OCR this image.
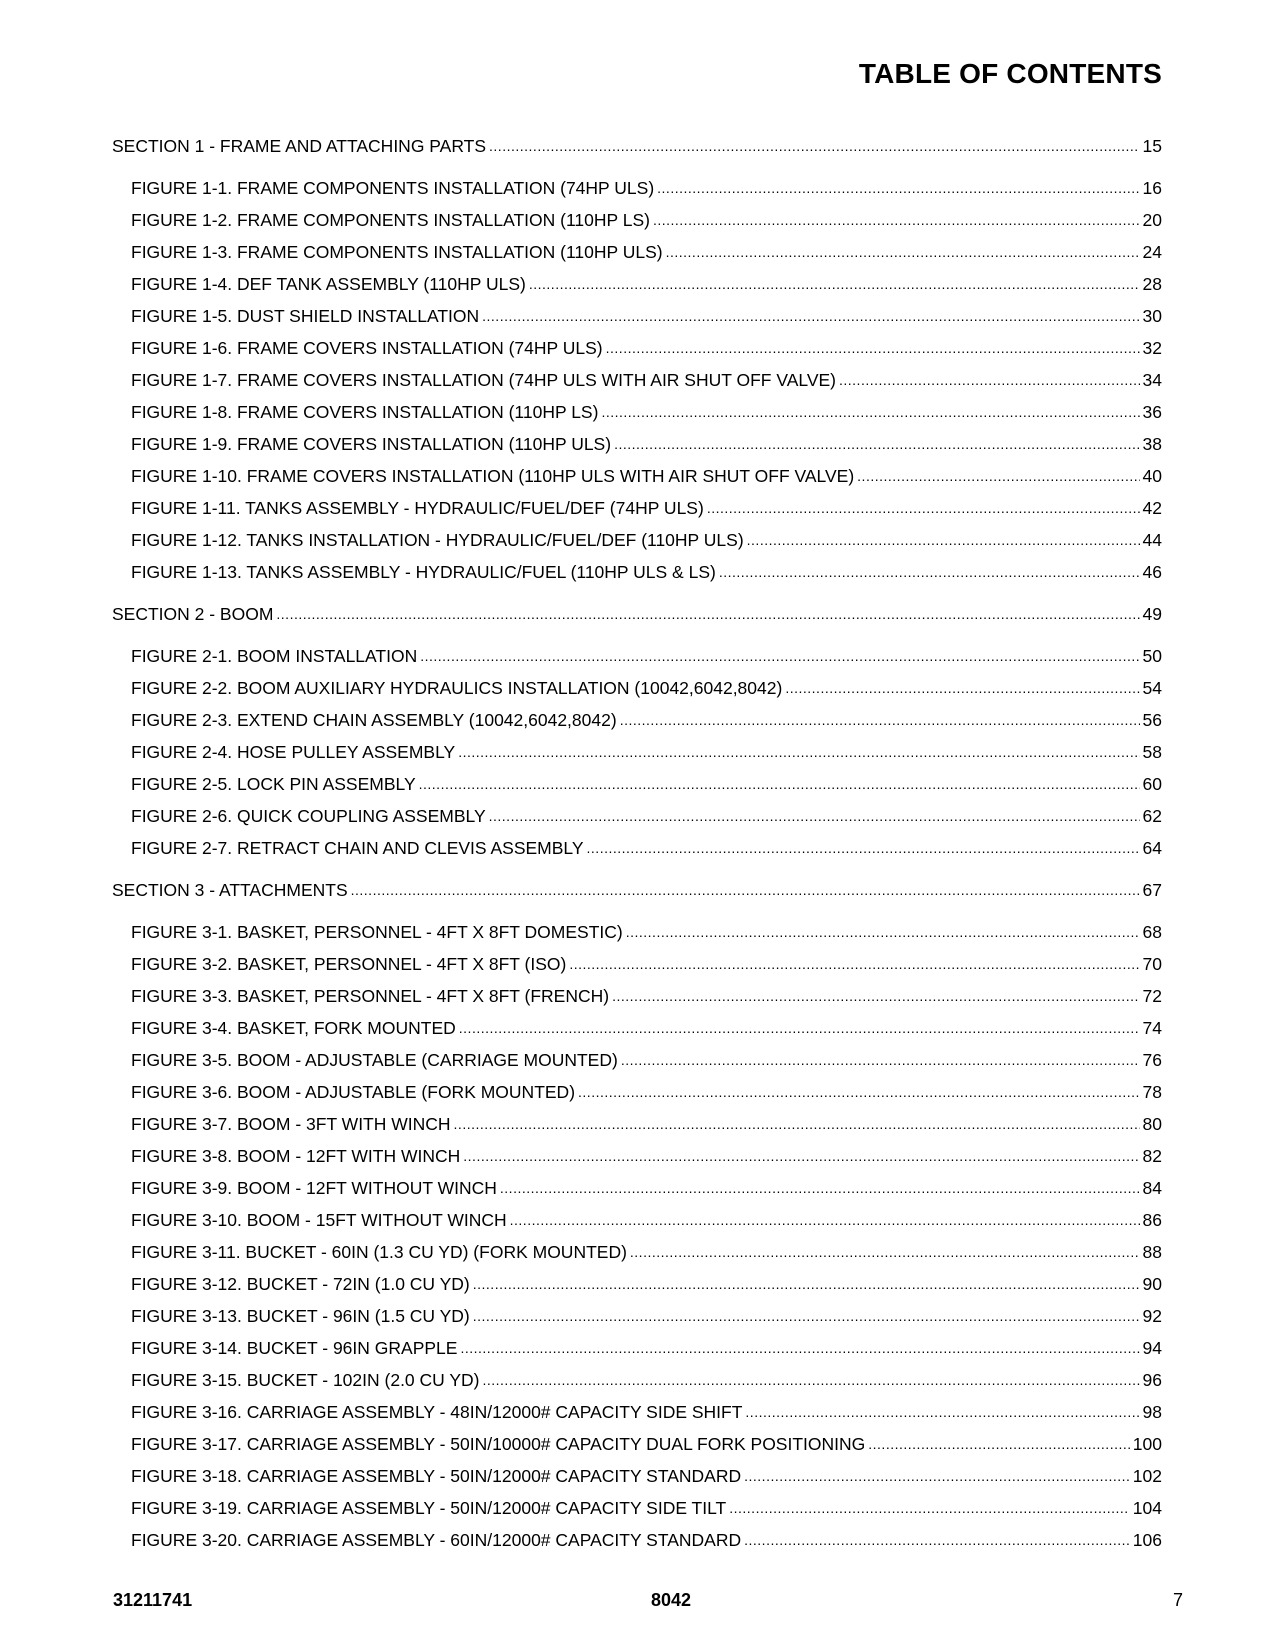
TABLE OF CONTENTS
SECTION 1 - FRAME AND ATTACHING PARTS .....	15
FIGURE 1-1. FRAME COMPONENTS INSTALLATION (74HP ULS) .....	16
FIGURE 1-2. FRAME COMPONENTS INSTALLATION (110HP LS) .....	20
FIGURE 1-3. FRAME COMPONENTS INSTALLATION (110HP ULS) .....	24
FIGURE 1-4. DEF TANK ASSEMBLY (110HP ULS) .....	28
FIGURE 1-5. DUST SHIELD INSTALLATION .....	30
FIGURE 1-6. FRAME COVERS INSTALLATION (74HP ULS) .....	32
FIGURE 1-7. FRAME COVERS INSTALLATION (74HP ULS WITH AIR SHUT OFF VALVE) .....	34
FIGURE 1-8. FRAME COVERS INSTALLATION (110HP LS) .....	36
FIGURE 1-9. FRAME COVERS INSTALLATION (110HP ULS) .....	38
FIGURE 1-10. FRAME COVERS INSTALLATION (110HP ULS WITH AIR SHUT OFF VALVE) .....	40
FIGURE 1-11. TANKS ASSEMBLY - HYDRAULIC/FUEL/DEF (74HP ULS) .....	42
FIGURE 1-12. TANKS INSTALLATION - HYDRAULIC/FUEL/DEF (110HP ULS) .....	44
FIGURE 1-13. TANKS ASSEMBLY - HYDRAULIC/FUEL (110HP ULS & LS) .....	46
SECTION 2 - BOOM .....	49
FIGURE 2-1. BOOM INSTALLATION .....	50
FIGURE 2-2. BOOM AUXILIARY HYDRAULICS INSTALLATION (10042,6042,8042) .....	54
FIGURE 2-3. EXTEND CHAIN ASSEMBLY (10042,6042,8042) .....	56
FIGURE 2-4. HOSE PULLEY ASSEMBLY .....	58
FIGURE 2-5. LOCK PIN ASSEMBLY .....	60
FIGURE 2-6. QUICK COUPLING ASSEMBLY .....	62
FIGURE 2-7. RETRACT CHAIN AND CLEVIS ASSEMBLY .....	64
SECTION 3 - ATTACHMENTS .....	67
FIGURE 3-1. BASKET, PERSONNEL - 4FT X 8FT DOMESTIC) .....	68
FIGURE 3-2. BASKET, PERSONNEL - 4FT X 8FT (ISO) .....	70
FIGURE 3-3. BASKET, PERSONNEL - 4FT X 8FT (FRENCH) .....	72
FIGURE 3-4. BASKET, FORK MOUNTED .....	74
FIGURE 3-5. BOOM - ADJUSTABLE (CARRIAGE MOUNTED) .....	76
FIGURE 3-6. BOOM - ADJUSTABLE (FORK MOUNTED) .....	78
FIGURE 3-7. BOOM - 3FT WITH WINCH .....	80
FIGURE 3-8. BOOM - 12FT WITH WINCH .....	82
FIGURE 3-9. BOOM - 12FT WITHOUT WINCH .....	84
FIGURE 3-10. BOOM - 15FT WITHOUT WINCH .....	86
FIGURE 3-11. BUCKET - 60IN (1.3 CU YD) (FORK MOUNTED) .....	88
FIGURE 3-12. BUCKET - 72IN (1.0 CU YD) .....	90
FIGURE 3-13. BUCKET - 96IN (1.5 CU YD) .....	92
FIGURE 3-14. BUCKET - 96IN GRAPPLE .....	94
FIGURE 3-15. BUCKET - 102IN (2.0 CU YD) .....	96
FIGURE 3-16. CARRIAGE ASSEMBLY - 48IN/12000# CAPACITY SIDE SHIFT .....	98
FIGURE 3-17. CARRIAGE ASSEMBLY - 50IN/10000# CAPACITY DUAL FORK POSITIONING .....	100
FIGURE 3-18. CARRIAGE ASSEMBLY - 50IN/12000# CAPACITY STANDARD .....	102
FIGURE 3-19. CARRIAGE ASSEMBLY - 50IN/12000# CAPACITY SIDE TILT .....	104
FIGURE 3-20. CARRIAGE ASSEMBLY - 60IN/12000# CAPACITY STANDARD .....	106
31211741	8042	7
